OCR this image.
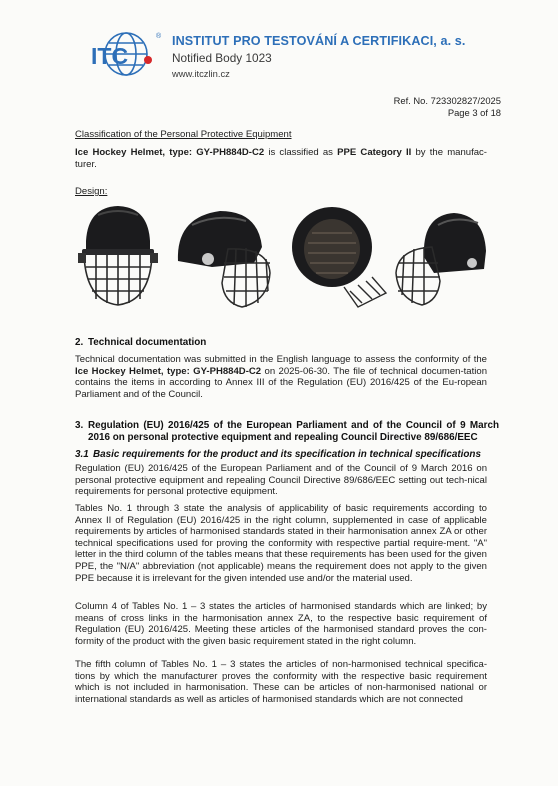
ITC
® INSTITUT PRO TESTOVÁNÍ A CERTIFIKACI, a. s.
Notified Body 1023
www.itczlin.cz
Ref. No. 723302827/2025
Page 3 of 18
Classification of the Personal Protective Equipment
Ice Hockey Helmet, type: GY-PH884D-C2 is classified as PPE Category II by the manufac-turer.
Design:
2. Technical documentation
Technical documentation was submitted in the English language to assess the conformity of the Ice Hockey Helmet, type: GY-PH884D-C2 on 2025-06-30. The file of technical documen-tation contains the items in according to Annex III of the Regulation (EU) 2016/425 of the Eu-ropean Parliament and of the Council.
3. Regulation (EU) 2016/425 of the European Parliament and of the Council of 9 March 2016 on personal protective equipment and repealing Council Directive 89/686/EEC
3.1 Basic requirements for the product and its specification in technical specifications
Regulation (EU) 2016/425 of the European Parliament and of the Council of 9 March 2016 on personal protective equipment and repealing Council Directive 89/686/EEC setting out tech-nical requirements for personal protective equipment.
Tables No. 1 through 3 state the analysis of applicability of basic requirements according to Annex II of Regulation (EU) 2016/425 in the right column, supplemented in case of applicable requirements by articles of harmonised standards stated in their harmonisation annex ZA or other technical specifications used for proving the conformity with respective partial require-ment. "A" letter in the third column of the tables means that these requirements has been used for the given PPE, the "N/A" abbreviation (not applicable) means the requirement does not apply to the given PPE because it is irrelevant for the given intended use and/or the material used.
Column 4 of Tables No. 1 – 3 states the articles of harmonised standards which are linked; by means of cross links in the harmonisation annex ZA, to the respective basic requirement of Regulation (EU) 2016/425. Meeting these articles of the harmonised standard proves the con-formity of the product with the given basic requirement stated in the right column.
The fifth column of Tables No. 1 – 3 states the articles of non-harmonised technical specifica-tions by which the manufacturer proves the conformity with the respective basic requirement which is not included in harmonisation. These can be articles of non-harmonised national or international standards as well as articles of harmonised standards which are not connected
